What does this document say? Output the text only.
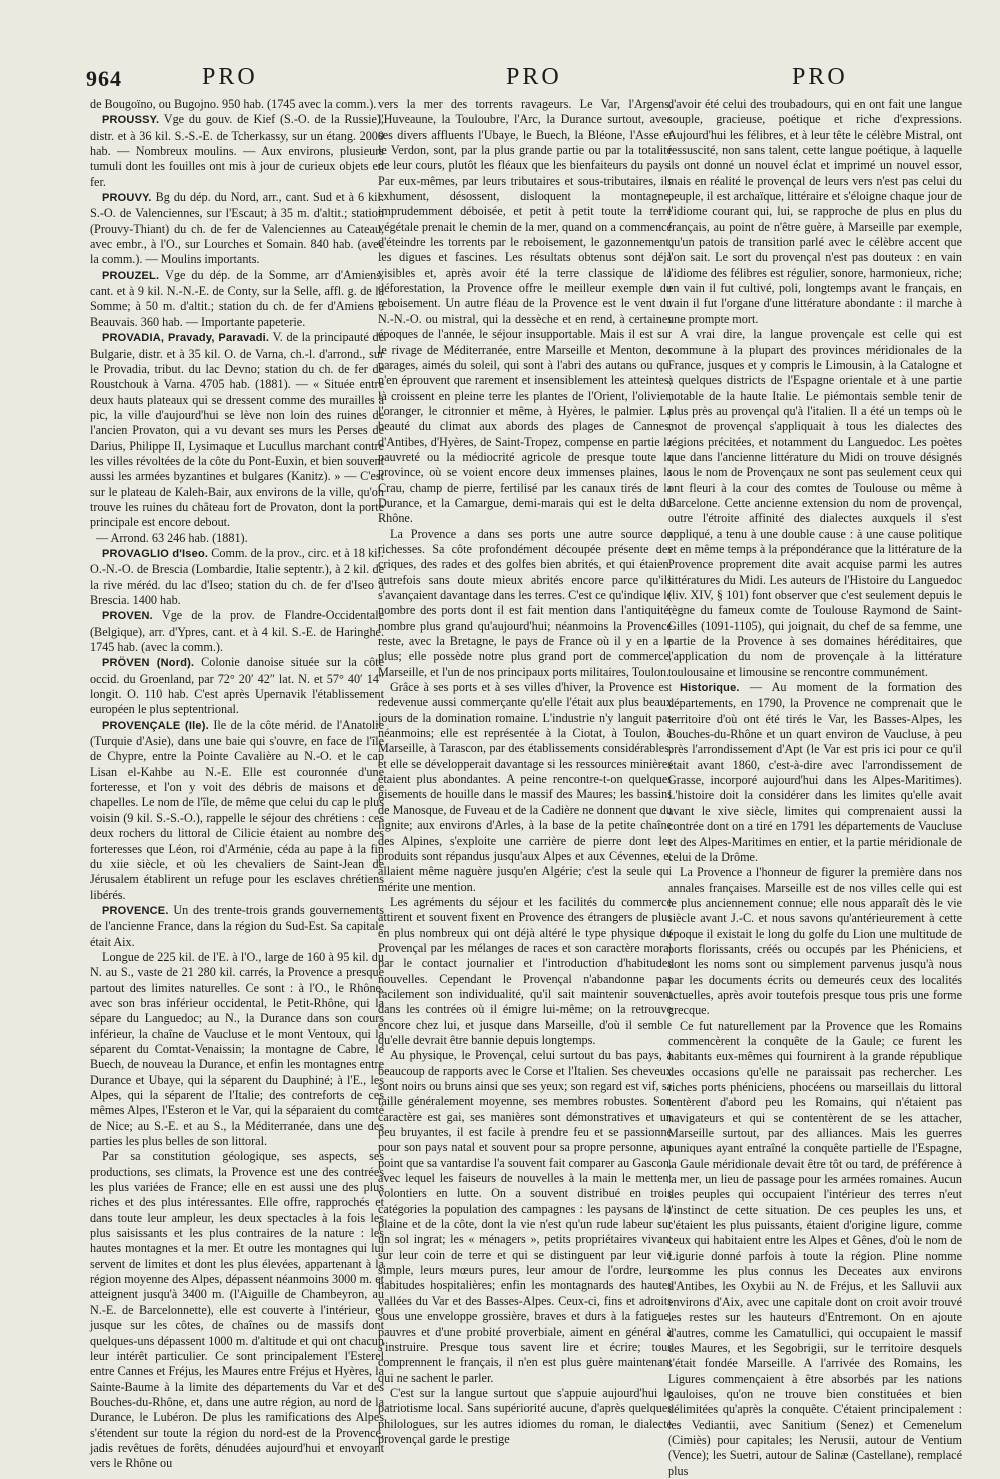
964	PRO	PRO	PRO

de Bougoïno, ou Bugojno. 950 hab. (1745 avec la comm.).

PROUSSY. Vge du gouv. de Kief (S.-O. de la Russie), distr. et à 36 kil. S.-S.-E. de Tcherkassy, sur un étang. 2000 hab. — Nombreux moulins. — Aux environs, plusieurs tumuli dont les fouilles ont mis à jour de curieux objets en fer.

PROUVY. Bg du dép. du Nord, arr., cant. Sud et à 6 kil. S.-O. de Valenciennes, sur l'Escaut; à 35 m. d'altit.; station (Prouvy-Thiant) du ch. de fer de Valenciennes au Cateau, avec embr., à l'O., sur Lourches et Somain. 840 hab. (avec la comm.). — Moulins importants.

PROUZEL. Vge du dép. de la Somme, arr d'Amiens, cant. et à 9 kil. N.-N.-E. de Conty, sur la Selle, affl. g. de la Somme; à 50 m. d'altit.; station du ch. de fer d'Amiens à Beauvais. 360 hab. — Importante papeterie.

PROVADIA, Pravady, Paravadi. V. de la principauté de Bulgarie, distr. et à 35 kil. O. de Varna, ch.-l. d'arrond., sur le Provadia, tribut. du lac Devno; station du ch. de fer de Roustchouk à Varna. 4705 hab. (1881). — « Située entre deux hauts plateaux qui se dressent comme des murailles à pic, la ville d'aujourd'hui se lève non loin des ruines de l'ancien Provaton, qui a vu devant ses murs les Perses de Darius, Philippe II, Lysimaque et Lucullus marchant contre les villes révoltées de la côte du Pont-Euxin, et bien souvent aussi les armées byzantines et bulgares (Kanitz). » — C'est sur le plateau de Kaleh-Bair, aux environs de la ville, qu'on trouve les ruines du château fort de Provaton, dont la porte principale est encore debout.

— Arrond. 63 246 hab. (1881).

PROVAGLIO d'Iseo. Comm. de la prov., circ. et à 18 kil. O.-N.-O. de Brescia (Lombardie, Italie septentr.), à 2 kil. de la rive méréd. du lac d'Iseo; station du ch. de fer d'Iseo à Brescia. 1400 hab.

PROVEN. Vge de la prov. de Flandre-Occidentale (Belgique), arr. d'Ypres, cant. et à 4 kil. S.-E. de Haringhe. 1745 hab. (avec la comm.).

PRÖVEN (Nord). Colonie danoise située sur la côte occid. du Groenland, par 72° 20′ 42″ lat. N. et 57° 40′ 14″ longit. O. 110 hab. C'est après Upernavik l'établissement européen le plus septentrional.

PROVENÇALE (Ile). Ile de la côte mérid. de l'Anatolie (Turquie d'Asie), dans une baie qui s'ouvre, en face de l'île de Chypre, entre la Pointe Cavalière au N.-O. et le cap Lisan el-Kahbe au N.-E. Elle est couronnée d'une forteresse, et l'on y voit des débris de maisons et de chapelles. Le nom de l'île, de même que celui du cap le plus voisin (9 kil. S.-S.-O.), rappelle le séjour des chrétiens : ces deux rochers du littoral de Cilicie étaient au nombre des forteresses que Léon, roi d'Arménie, céda au pape à la fin du xiie siècle, et où les chevaliers de Saint-Jean de Jérusalem établirent un refuge pour les esclaves chrétiens libérés.

PROVENCE. Un des trente-trois grands gouvernements de l'ancienne France, dans la région du Sud-Est. Sa capitale était Aix.

Longue de 225 kil. de l'E. à l'O., large de 160 à 95 kil. du N. au S., vaste de 21 280 kil. carrés, la Provence a presque partout des limites naturelles. Ce sont : à l'O., le Rhône, avec son bras inférieur occidental, le Petit-Rhône, qui la sépare du Languedoc; au N., la Durance dans son cours inférieur, la chaîne de Vaucluse et le mont Ventoux, qui la séparent du Comtat-Venaissin; la montagne de Cabre, le Buech, de nouveau la Durance, et enfin les montagnes entre Durance et Ubaye, qui la séparent du Dauphiné; à l'E., les Alpes, qui la séparent de l'Italie; des contreforts de ces mêmes Alpes, l'Esteron et le Var, qui la séparaient du comté de Nice; au S.-E. et au S., la Méditerranée, dans une des parties les plus belles de son littoral.

Par sa constitution géologique, ses aspects, ses productions, ses climats, la Provence est une des contrées les plus variées de France; elle en est aussi une des plus riches et des plus intéressantes. Elle offre, rapprochés et dans toute leur ampleur, les deux spectacles à la fois les plus saisissants et les plus contraires de la nature : les hautes montagnes et la mer. Et outre les montagnes qui lui servent de limites et dont les plus élevées, appartenant à la région moyenne des Alpes, dépassent néanmoins 3000 m. et atteignent jusqu'à 3400 m. (l'Aiguille de Chambeyron, au N.-E. de Barcelonnette), elle est couverte à l'intérieur, et jusque sur les côtes, de chaînes ou de massifs dont quelques-uns dépassent 1000 m. d'altitude et qui ont chacun leur intérêt particulier. Ce sont principalement l'Esterel entre Cannes et Fréjus, les Maures entre Fréjus et Hyères, la Sainte-Baume à la limite des départements du Var et des Bouches-du-Rhône, et, dans une autre région, au nord de la Durance, le Lubéron. De plus les ramifications des Alpes s'étendent sur toute la région du nord-est de la Provence, jadis revêtues de forêts, dénudées aujourd'hui et envoyant vers le Rhône ou

vers la mer des torrents ravageurs. Le Var, l'Argens, l'Huveaune, la Touloubre, l'Arc, la Durance surtout, avec ses divers affluents l'Ubaye, le Buech, la Bléone, l'Asse et le Verdon, sont, par la plus grande partie ou par la totalité de leur cours, plutôt les fléaux que les bienfaiteurs du pays. Par eux-mêmes, par leurs tributaires et sous-tributaires, ils exhument, désossent, disloquent la montagne, imprudemment déboisée, et petit à petit toute la terre végétale prenait le chemin de la mer, quand on a commencé d'éteindre les torrents par le reboisement, le gazonnement, les digues et fascines. Les résultats obtenus sont déjà visibles et, après avoir été la terre classique de la déforestation, la Provence offre le meilleur exemple du reboisement. Un autre fléau de la Provence est le vent du N.-N.-O. ou mistral, qui la dessèche et en rend, à certaines époques de l'année, le séjour insupportable. Mais il est sur le rivage de Méditerranée, entre Marseille et Menton, des parages, aimés du soleil, qui sont à l'abri des autans ou qui n'en éprouvent que rarement et insensiblement les atteintes; là croissent en pleine terre les plantes de l'Orient, l'olivier, l'oranger, le citronnier et même, à Hyères, le palmier. La beauté du climat aux abords des plages de Cannes, d'Antibes, d'Hyères, de Saint-Tropez, compense en partie la pauvreté ou la médiocrité agricole de presque toute la province, où se voient encore deux immenses plaines, la Crau, champ de pierre, fertilisé par les canaux tirés de la Durance, et la Camargue, demi-marais qui est le delta du Rhône.

La Provence a dans ses ports une autre source de richesses. Sa côte profondément découpée présente des criques, des rades et des golfes bien abrités, et qui étaient autrefois sans doute mieux abrités encore parce qu'ils s'avançaient davantage dans les terres. C'est ce qu'indique le nombre des ports dont il est fait mention dans l'antiquité, nombre plus grand qu'aujourd'hui; néanmoins la Provence reste, avec la Bretagne, le pays de France où il y en a le plus; elle possède notre plus grand port de commerce, Marseille, et l'un de nos principaux ports militaires, Toulon.

Grâce à ses ports et à ses villes d'hiver, la Provence est redevenue aussi commerçante qu'elle l'était aux plus beaux jours de la domination romaine. L'industrie n'y languit pas néanmoins; elle est représentée à la Ciotat, à Toulon, à Marseille, à Tarascon, par des établissements considérables, et elle se développerait davantage si les ressources minières étaient plus abondantes. A peine rencontre-t-on quelques gisements de houille dans le massif des Maures; les bassins de Manosque, de Fuveau et de la Cadière ne donnent que du lignite; aux environs d'Arles, à la base de la petite chaîne des Alpines, s'exploite une carrière de pierre dont les produits sont répandus jusqu'aux Alpes et aux Cévennes, et allaient même naguère jusqu'en Algérie; c'est la seule qui mérite une mention.

Les agréments du séjour et les facilités du commerce attirent et souvent fixent en Provence des étrangers de plus en plus nombreux qui ont déjà altéré le type physique du Provençal par les mélanges de races et son caractère moral par le contact journalier et l'introduction d'habitudes nouvelles. Cependant le Provençal n'abandonne pas facilement son individualité, qu'il sait maintenir souvent dans les contrées où il émigre lui-même; on la retrouve encore chez lui, et jusque dans Marseille, d'où il semble qu'elle devrait être bannie depuis longtemps.

Au physique, le Provençal, celui surtout du bas pays, a beaucoup de rapports avec le Corse et l'Italien. Ses cheveux sont noirs ou bruns ainsi que ses yeux; son regard est vif, sa taille généralement moyenne, ses membres robustes. Son caractère est gai, ses manières sont démonstratives et un peu bruyantes, il est facile à prendre feu et se passionne pour son pays natal et souvent pour sa propre personne, au point que sa vantardise l'a souvent fait comparer au Gascon, avec lequel les faiseurs de nouvelles à la main le mettent volontiers en lutte. On a souvent distribué en trois catégories la population des campagnes : les paysans de la plaine et de la côte, dont la vie n'est qu'un rude labeur sur un sol ingrat; les « ménagers », petits propriétaires vivant sur leur coin de terre et qui se distinguent par leur vie simple, leurs mœurs pures, leur amour de l'ordre, leurs habitudes hospitalières; enfin les montagnards des hautes vallées du Var et des Basses-Alpes. Ceux-ci, fins et adroits sous une enveloppe grossière, braves et durs à la fatigue, pauvres et d'une probité proverbiale, aiment en général à s'instruire. Presque tous savent lire et écrire; tous comprennent le français, il n'en est plus guère maintenant qui ne sachent le parler.

C'est sur la langue surtout que s'appuie aujourd'hui le patriotisme local. Sans supériorité aucune, d'après quelques philologues, sur les autres idiomes du roman, le dialecte provençal garde le prestige

d'avoir été celui des troubadours, qui en ont fait une langue souple, gracieuse, poétique et riche d'expressions. Aujourd'hui les félibres, et à leur tête le célèbre Mistral, ont ressuscité, non sans talent, cette langue poétique, à laquelle ils ont donné un nouvel éclat et imprimé un nouvel essor, mais en réalité le provençal de leurs vers n'est pas celui du peuple, il est archaïque, littéraire et s'éloigne chaque jour de l'idiome courant qui, lui, se rapproche de plus en plus du français, au point de n'être guère, à Marseille par exemple, qu'un patois de transition parlé avec le célèbre accent que l'on sait. Le sort du provençal n'est pas douteux : en vain l'idiome des félibres est régulier, sonore, harmonieux, riche; en vain il fut cultivé, poli, longtemps avant le français, en vain il fut l'organe d'une littérature abondante : il marche à une prompte mort.

A vrai dire, la langue provençale est celle qui est commune à la plupart des provinces méridionales de la France, jusques et y compris le Limousin, à la Catalogne et à quelques districts de l'Espagne orientale et à une partie notable de la haute Italie. Le piémontais semble tenir de plus près au provençal qu'à l'italien. Il a été un temps où le mot de provençal s'appliquait à tous les dialectes des régions précitées, et notamment du Languedoc. Les poètes que dans l'ancienne littérature du Midi on trouve désignés sous le nom de Provençaux ne sont pas seulement ceux qui ont fleuri à la cour des comtes de Toulouse ou même à Barcelone. Cette ancienne extension du nom de provençal, outre l'étroite affinité des dialectes auxquels il s'est appliqué, a tenu à une double cause : à une cause politique et en même temps à la prépondérance que la littérature de la Provence proprement dite avait acquise parmi les autres littératures du Midi. Les auteurs de l'Histoire du Languedoc (liv. XIV, § 101) font observer que c'est seulement depuis le règne du fameux comte de Toulouse Raymond de Saint-Gilles (1091-1105), qui joignait, du chef de sa femme, une partie de la Provence à ses domaines héréditaires, que l'application du nom de provençale à la littérature toulousaine et limousine se rencontre communément.

Historique. — Au moment de la formation des départements, en 1790, la Provence ne comprenait que le territoire d'où ont été tirés le Var, les Basses-Alpes, les Bouches-du-Rhône et un quart environ de Vaucluse, à peu près l'arrondissement d'Apt (le Var est pris ici pour ce qu'il était avant 1860, c'est-à-dire avec l'arrondissement de Grasse, incorporé aujourd'hui dans les Alpes-Maritimes). L'histoire doit la considérer dans les limites qu'elle avait avant le xive siècle, limites qui comprenaient aussi la contrée dont on a tiré en 1791 les départements de Vaucluse et des Alpes-Maritimes en entier, et la partie méridionale de celui de la Drôme.

La Provence a l'honneur de figurer la première dans nos annales françaises. Marseille est de nos villes celle qui est le plus anciennement connue; elle nous apparaît dès le vie siècle avant J.-C. et nous savons qu'antérieurement à cette époque il existait le long du golfe du Lion une multitude de ports florissants, créés ou occupés par les Phéniciens, et dont les noms sont ou simplement parvenus jusqu'à nous par les documents écrits ou demeurés ceux des localités actuelles, après avoir toutefois presque tous pris une forme grecque.

Ce fut naturellement par la Provence que les Romains commencèrent la conquête de la Gaule; ce furent les habitants eux-mêmes qui fournirent à la grande république des occasions qu'elle ne paraissait pas rechercher. Les riches ports phéniciens, phocéens ou marseillais du littoral tentèrent d'abord peu les Romains, qui n'étaient pas navigateurs et qui se contentèrent de se les attacher, Marseille surtout, par des alliances. Mais les guerres puniques ayant entraîné la conquête partielle de l'Espagne, la Gaule méridionale devait être tôt ou tard, de préférence à la mer, un lieu de passage pour les armées romaines. Aucun des peuples qui occupaient l'intérieur des terres n'eut l'instinct de cette situation. De ces peuples les uns, et c'étaient les plus puissants, étaient d'origine ligure, comme ceux qui habitaient entre les Alpes et Gênes, d'où le nom de Ligurie donné parfois à toute la région. Pline nomme comme les plus connus les Deceates aux environs d'Antibes, les Oxybii au N. de Fréjus, et les Salluvii aux environs d'Aix, avec une capitale dont on croit avoir trouvé les restes sur les hauteurs d'Entremont. On en ajoute d'autres, comme les Camatullici, qui occupaient le massif des Maures, et les Segobrigii, sur le territoire desquels s'était fondée Marseille. A l'arrivée des Romains, les Ligures commençaient à être absorbés par les nations gauloises, qu'on ne trouve bien constituées et bien délimitées qu'après la conquête. C'étaient principalement : les Vediantii, avec Sanitium (Senez) et Cemenelum (Cimiès) pour capitales; les Nerusii, autour de Ventium (Vence); les Suetri, autour de Salinæ (Castellane), remplacé plus
